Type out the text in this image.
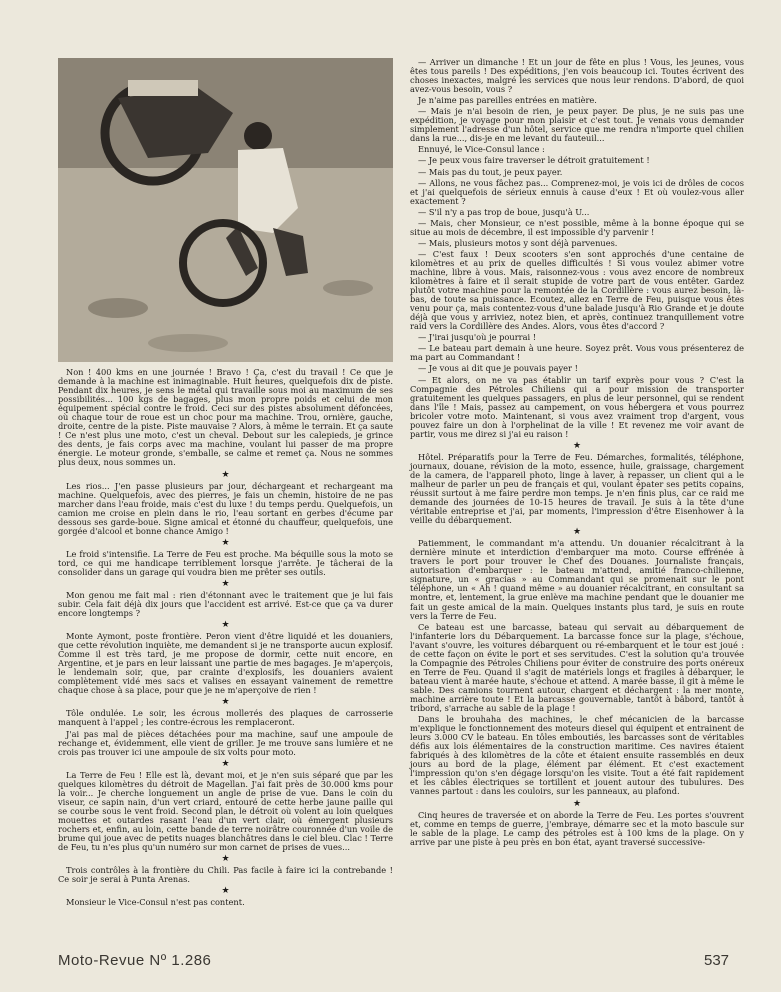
Non ! 400 kms en une journée ! Bravo ! Ça, c'est du travail ! Ce que je demande à la machine est inimaginable. Huit heures, quelquefois dix de piste. Pendant dix heures, je sens le métal qui travaille sous moi au maximum de ses possibilités... 100 kgs de bagages, plus mon propre poids et celui de mon équipement spécial contre le froid. Ceci sur des pistes absolument défoncées, où chaque tour de roue est un choc pour ma machine. Trou, ornière, gauche, droite, centre de la piste. Piste mauvaise ? Alors, à même le terrain. Et ça saute ! Ce n'est plus une moto, c'est un cheval. Debout sur les calepieds, je grince des dents, je fais corps avec ma machine, voulant lui passer de ma propre énergie. Le moteur gronde, s'emballe, se calme et remet ça. Nous ne sommes plus deux, nous sommes un.

★

Les rios... J'en passe plusieurs par jour, déchargeant et rechargeant ma machine. Quelquefois, avec des pierres, je fais un chemin, histoire de ne pas marcher dans l'eau froide, mais c'est du luxe ! du temps perdu. Quelquefois, un camion me croise en plein dans le rio, l'eau sortant en gerbes d'écume par dessous ses garde-boue. Signe amical et étonné du chauffeur, quelquefois, une gorgée d'alcool et bonne chance Amigo !

★

Le froid s'intensifie. La Terre de Feu est proche. Ma béquille sous la moto se tord, ce qui me handicape terriblement lorsque j'arrête. Je tâcherai de la consolider dans un garage qui voudra bien me prêter ses outils.

★

Mon genou me fait mal : rien d'étonnant avec le traitement que je lui fais subir. Cela fait déjà dix jours que l'accident est arrivé. Est-ce que ça va durer encore longtemps ?

★

Monte Aymont, poste frontière. Peron vient d'être liquidé et les douaniers, que cette révolution inquiète, me demandent si je ne transporte aucun explosif. Comme il est très tard, je me propose de dormir, cette nuit encore, en Argentine, et je pars en leur laissant une partie de mes bagages. Je m'aperçois, le lendemain soir, que, par crainte d'explosifs, les douaniers avaient complètement vidé mes sacs et valises en essayant vainement de remettre chaque chose à sa place, pour que je ne m'aperçoive de rien !

★

Tôle ondulée. Le soir, les écrous mollетés des plaques de carrosserie manquent à l'appel ; les contre-écrous les remplaceront.

J'ai pas mal de pièces détachées pour ma machine, sauf une ampoule de rechange et, évidemment, elle vient de griller. Je me trouve sans lumière et ne crois pas trouver ici une ampoule de six volts pour moto.

★

La Terre de Feu ! Elle est là, devant moi, et je n'en suis séparé que par les quelques kilomètres du détroit de Magellan. J'ai fait près de 30.000 kms pour la voir... Je cherche longuement un angle de prise de vue. Dans le coin du viseur, ce sapin nain, d'un vert criard, entouré de cette herbe jaune paille qui se courbe sous le vent froid. Second plan, le détroit où volent au loin quelques mouettes et outardes rasant l'eau d'un vert clair, où émergent plusieurs rochers et, enfin, au loin, cette bande de terre noirâtre couronnée d'un voile de brume qui joue avec de petits nuages blanchâtres dans le ciel bleu. Clac ! Terre de Feu, tu n'es plus qu'un numéro sur mon carnet de prises de vues...

★

Trois contrôles à la frontière du Chili. Pas facile à faire ici la contrebande ! Ce soir je serai à Punta Arenas.

★

Monsieur le Vice-Consul n'est pas content.

— Arriver un dimanche ! Et un jour de fête en plus ! Vous, les jeunes, vous êtes tous pareils ! Des expéditions, j'en vois beaucoup ici. Toutes écrivent des choses inexactes, malgré les services que nous leur rendons. D'abord, de quoi avez-vous besoin, vous ?

Je n'aime pas pareilles entrées en matière.

— Mais je n'ai besoin de rien, je peux payer. De plus, je ne suis pas une expédition, je voyage pour mon plaisir et c'est tout. Je venais vous demander simplement l'adresse d'un hôtel, service que me rendra n'importe quel chilien dans la rue..., dis-je en me levant du fauteuil...

Ennuyé, le Vice-Consul lance :

— Je peux vous faire traverser le détroit gratuitement !

— Mais pas du tout, je peux payer.

— Allons, ne vous fâchez pas... Comprenez-moi, je vois ici de drôles de cocos et j'ai quelquefois de sérieux ennuis à cause d'eux ! Et où voulez-vous aller exactement ?

— S'il n'y a pas trop de boue, jusqu'à U...

— Mais, cher Monsieur, ce n'est possible, même à la bonne époque qui se situe au mois de décembre, il est impossible d'y parvenir !

— Mais, plusieurs motos y sont déjà parvenues.

— C'est faux ! Deux scooters s'en sont approchés d'une centaine de kilomètres et au prix de quelles difficultés ! Si vous voulez abimer votre machine, libre à vous. Mais, raisonnez-vous : vous avez encore de nombreux kilomètres à faire et il serait stupide de votre part de vous entêter. Gardez plutôt votre machine pour la remontée de la Cordillère : vous aurez besoin, là-bas, de toute sa puissance. Ecoutez, allez en Terre de Feu, puisque vous êtes venu pour ça, mais contentez-vous d'une balade jusqu'à Rio Grande et je doute déjà que vous y arriviez, notez bien, et après, continuez tranquillement votre raid vers la Cordillère des Andes. Alors, vous êtes d'accord ?

— J'irai jusqu'où je pourrai !

— Le bateau part demain à une heure. Soyez prêt. Vous vous présenterez de ma part au Commandant !

— Je vous ai dit que je pouvais payer !

— Et alors, on ne va pas établir un tarif exprès pour vous ? C'est la Compagnie des Pétroles Chiliens qui a pour mission de transporter gratuitement les quelques passagers, en plus de leur personnel, qui se rendent dans l'île ! Mais, passez au campement, on vous hébergera et vous pourrez bricoler votre moto. Maintenant, si vous avez vraiment trop d'argent, vous pouvez faire un don à l'orphelinat de la ville ! Et revenez me voir avant de partir, vous me direz si j'ai eu raison !

★

Hôtel. Préparatifs pour la Terre de Feu. Démarches, formalités, téléphone, journaux, douane, révision de la moto, essence, huile, graissage, chargement de la camera, de l'appareil photo, linge à laver, à repasser, un client qui a le malheur de parler un peu de français et qui, voulant épater ses petits copains, réussit surtout à me faire perdre mon temps. Je n'en finis plus, car ce raid me demande des journées de 10-15 heures de travail. Je suis à la tête d'une véritable entreprise et j'ai, par moments, l'impression d'être Eisenhower à la veille du débarquement.

★

Patiemment, le commandant m'a attendu. Un douanier récalcitrant à la dernière minute et interdiction d'embarquer ma moto. Course effrénée à travers le port pour trouver le Chef des Douanes. Journaliste français, autorisation d'embarquer : le bateau m'attend, amitié franco-chilienne, signature, un « gracias » au Commandant qui se promenait sur le pont téléphone, un « Ah ! quand même » au douanier récalcitrant, en consultant sa montre, et, lentement, la grue enlève ma machine pendant que le douanier me fait un geste amical de la main. Quelques instants plus tard, je suis en route vers la Terre de Feu.

Ce bateau est une barcasse, bateau qui servait au débarquement de l'infanterie lors du Débarquement. La barcasse fonce sur la plage, s'échoue, l'avant s'ouvre, les voitures débarquent ou ré-embarquent et le tour est joué : de cette façon on évite le port et ses servitudes. C'est la solution qu'a trouvée la Compagnie des Pétroles Chiliens pour éviter de construire des ports onéreux en Terre de Feu. Quand il s'agit de matériels longs et fragiles à débarquer, le bateau vient à marée haute, s'échoue et attend. A marée basse, il git à même le sable. Des camions tournent autour, chargent et déchargent : la mer monte, machine arrière toute ! Et la barcasse gouvernable, tantôt à bâbord, tantôt à tribord, s'arrache au sable de la plage !

Dans le brouhaha des machines, le chef mécanicien de la barcasse m'explique le fonctionnement des moteurs diesel qui équipent et entrainent de leurs 3.000 CV le bateau. En tôles emboutiés, les barcasses sont de véritables défis aux lois élémentaires de la construction maritime. Ces navires étaient fabriqués à des kilomètres de la côte et étaient ensuite rassemblés en deux jours au bord de la plage, élément par élément. Et c'est exactement l'impression qu'on s'en dégage lorsqu'on les visite. Tout a été fait rapidement et les câbles électriques se tortillent et jouent autour des tubulures. Des vannes partout : dans les couloirs, sur les panneaux, au plafond.

★

Cinq heures de traversée et on aborde la Terre de Feu. Les portes s'ouvrent et, comme en temps de guerre, j'embraye, démarre sec et la moto bascule sur le sable de la plage. Le camp des pétroles est à 100 kms de la plage. On y arrive par une piste à peu près en bon état, ayant traversé successive-

Moto-Revue Nº 1.286	537
